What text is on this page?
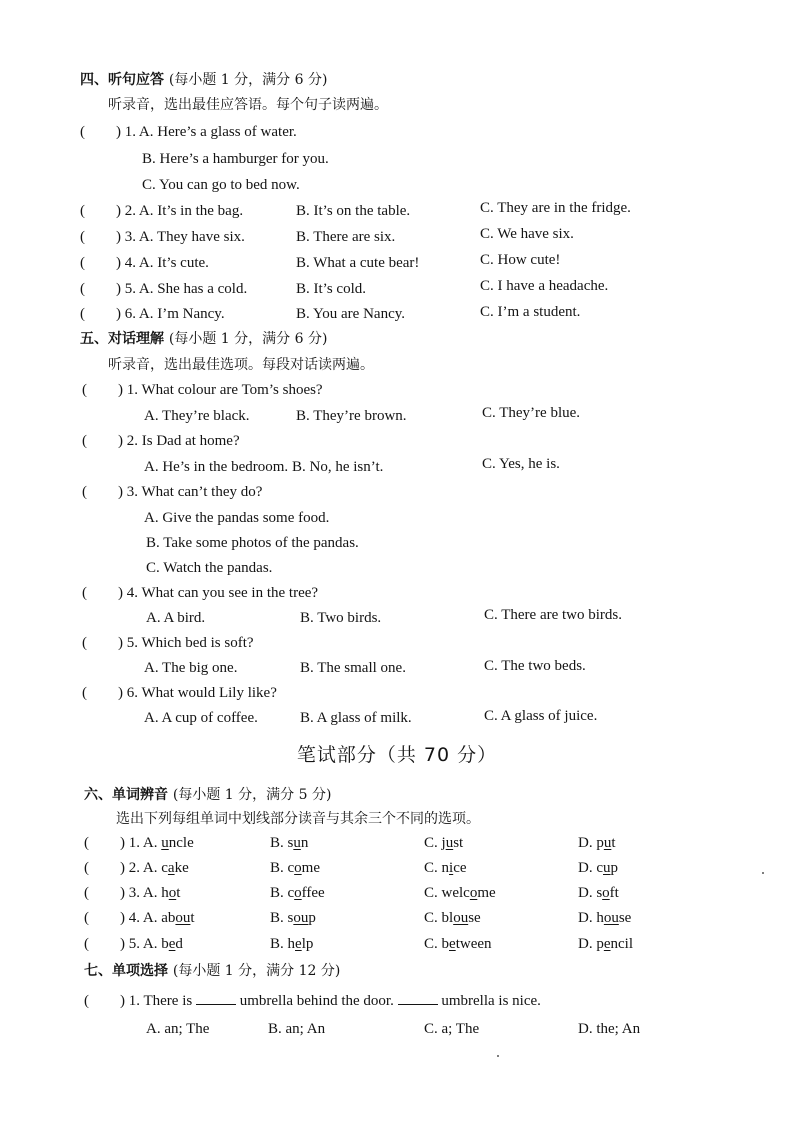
四、听句应答 (每小题 1 分，满分 6 分)
听录音，选出最佳应答语。每个句子读两遍。
( ) 1. A. Here’s a glass of water.
B. Here’s a hamburger for you.
C. You can go to bed now.
( ) 2. A. It’s in the bag.	B. It’s on the table.	C. They are in the fridge.
( ) 3. A. They have six.	B. There are six.	C. We have six.
( ) 4. A. It’s cute.	B. What a cute bear!	C. How cute!
( ) 5. A. She has a cold.	B. It’s cold.	C. I have a headache.
( ) 6. A. I’m Nancy.	B. You are Nancy.	C. I’m a student.
五、对话理解 (每小题 1 分，满分 6 分)
听录音，选出最佳选项。每段对话读两遍。
( ) 1. What colour are Tom’s shoes?
A. They’re black.	B. They’re brown.	C. They’re blue.
( ) 2. Is Dad at home?
A. He’s in the bedroom. B. No, he isn’t.	C. Yes, he is.
( ) 3. What can’t they do?
A. Give the pandas some food.
B. Take some photos of the pandas.
C. Watch the pandas.
( ) 4. What can you see in the tree?
A. A bird.	B. Two birds.	C. There are two birds.
( ) 5. Which bed is soft?
A. The big one.	B. The small one.	C. The two beds.
( ) 6. What would Lily like?
A. A cup of coffee.	B. A glass of milk.	C. A glass of juice.
笔试部分（共 70 分）
六、单词辨音 (每小题 1 分，满分 5 分)
选出下列每组单词中划线部分读音与其余三个不同的选项。
( ) 1. A. uncle	B. sun	C. just	D. put
( ) 2. A. cake	B. come	C. nice	D. cup
( ) 3. A. hot	B. coffee	C. welcome	D. soft
( ) 4. A. about	B. soup	C. blouse	D. house
( ) 5. A. bed	B. help	C. between	D. pencil
七、单项选择 (每小题 1 分，满分 12 分)
( ) 1. There is	umbrella behind the door.	umbrella is nice.
A. an; The	B. an; An	C. a; The	D. the; An
